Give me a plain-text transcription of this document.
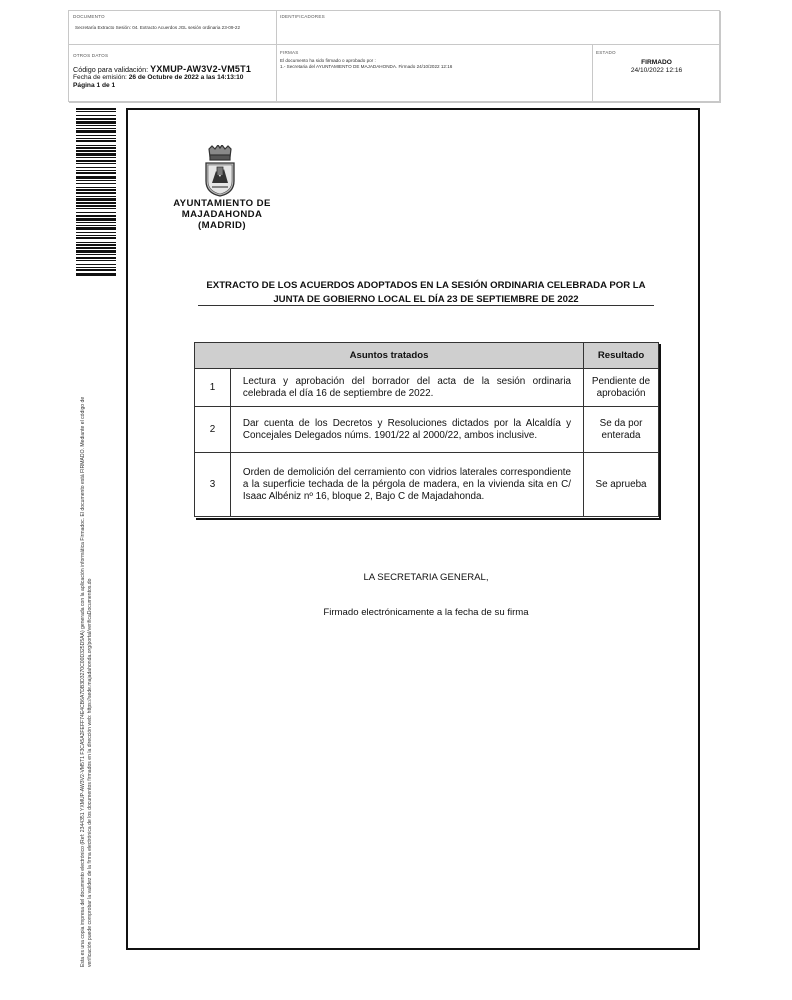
DOCUMENTO
Secretaría Extracto Sesión: 04. Extracto Acuerdos JGL sesión ordinaria 23-09-22
IDENTIFICADORES
OTROS DATOS
Código para validación: YXMUP-AW3V2-VM5T1
Fecha de emisión: 26 de Octubre de 2022 a las 14:13:10
Página 1 de 1
FIRMAS
El documento ha sido firmado o aprobado por :
1.- Secretaria del AYUNTAMIENTO DE MAJADAHONDA. Firmado 24/10/2022 12:16
ESTADO
FIRMADO
24/10/2022 12:16

Esta es una copia impresa del documento electrónico (Ref: 2344351 YXMUP-AW3V2-VM5T1 F3CA5A2FEFF74E4CB6A7DB3D3270C00D325D5AA) generada con la aplicación informática Firmadoc. El documento está FIRMADO. Mediante el código de verificación puede comprobar la validez de la firma electrónica de los documentos firmados en la dirección web: https://sede.majadahonda.org/portal/verificaDocumentos.do

AYUNTAMIENTO DE
MAJADAHONDA
(MADRID)
EXTRACTO DE LOS ACUERDOS ADOPTADOS EN LA SESIÓN ORDINARIA CELEBRADA POR LA JUNTA DE GOBIERNO LOCAL EL DÍA 23 DE SEPTIEMBRE DE 2022
Asuntos tratados		Resultado
1	Lectura y aprobación del borrador del acta de la sesión ordinaria celebrada el día 16 de septiembre de 2022.	Pendiente de aprobación
2	Dar cuenta de los Decretos y Resoluciones dictados por la Alcaldía y Concejales Delegados núms. 1901/22 al 2000/22, ambos inclusive.	Se da por enterada
3	Orden de demolición del cerramiento con vidrios laterales correspondiente a la superficie techada de la pérgola de madera, en la vivienda sita en C/ Isaac Albéniz nº 16, bloque 2, Bajo C de Majadahonda.	Se aprueba
LA SECRETARIA GENERAL,
Firmado electrónicamente a la fecha de su firma
